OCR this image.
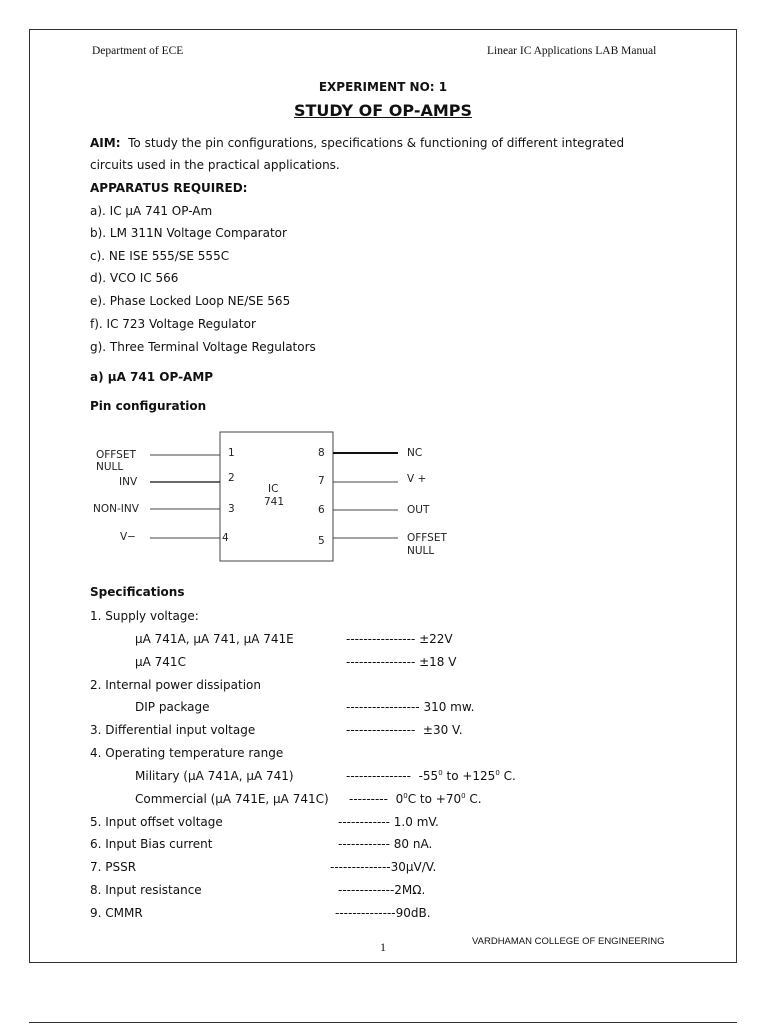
Department of ECE	Linear IC Applications LAB Manual
EXPERIMENT NO: 1
STUDY OF OP-AMPS
AIM: To study the pin configurations, specifications & functioning of different integrated
circuits used in the practical applications.
APPARATUS REQUIRED:
a). IC µA 741 OP-Am
b). LM 311N Voltage Comparator
c). NE ISE 555/SE 555C
d). VCO IC 566
e). Phase Locked Loop NE/SE 565
f). IC 723 Voltage Regulator
g). Three Terminal Voltage Regulators
a) µA 741 OP-AMP
Pin configuration
1
2
3
4
8
7
6
5
IC
741
OFFSET
NULL
INV
NON-INV
V−
NC
V +
OUT
OFFSET
NULL
Specifications
1. Supply voltage:
µA 741A, µA 741, µA 741E	---------------- ±22V
µA 741C	---------------- ±18 V
2. Internal power dissipation
DIP package	----------------- 310 mw.
3. Differential input voltage	---------------- ±30 V.
4. Operating temperature range
Military (µA 741A, µA 741)	--------------- $-55^0$ to $+125^0$ C.
Commercial (µA 741E, µA 741C) --------- $0^0C$ to $+70^0$ C.
5. Input offset voltage	------------ 1.0 mV.
6. Input Bias current	------------ 80 nA.
7. PSSR	--------------30µV/V.
8. Input resistance	-------------2MΩ.
9. CMMR	--------------90dB.
1	VARDHAMAN COLLEGE OF ENGINEERING
